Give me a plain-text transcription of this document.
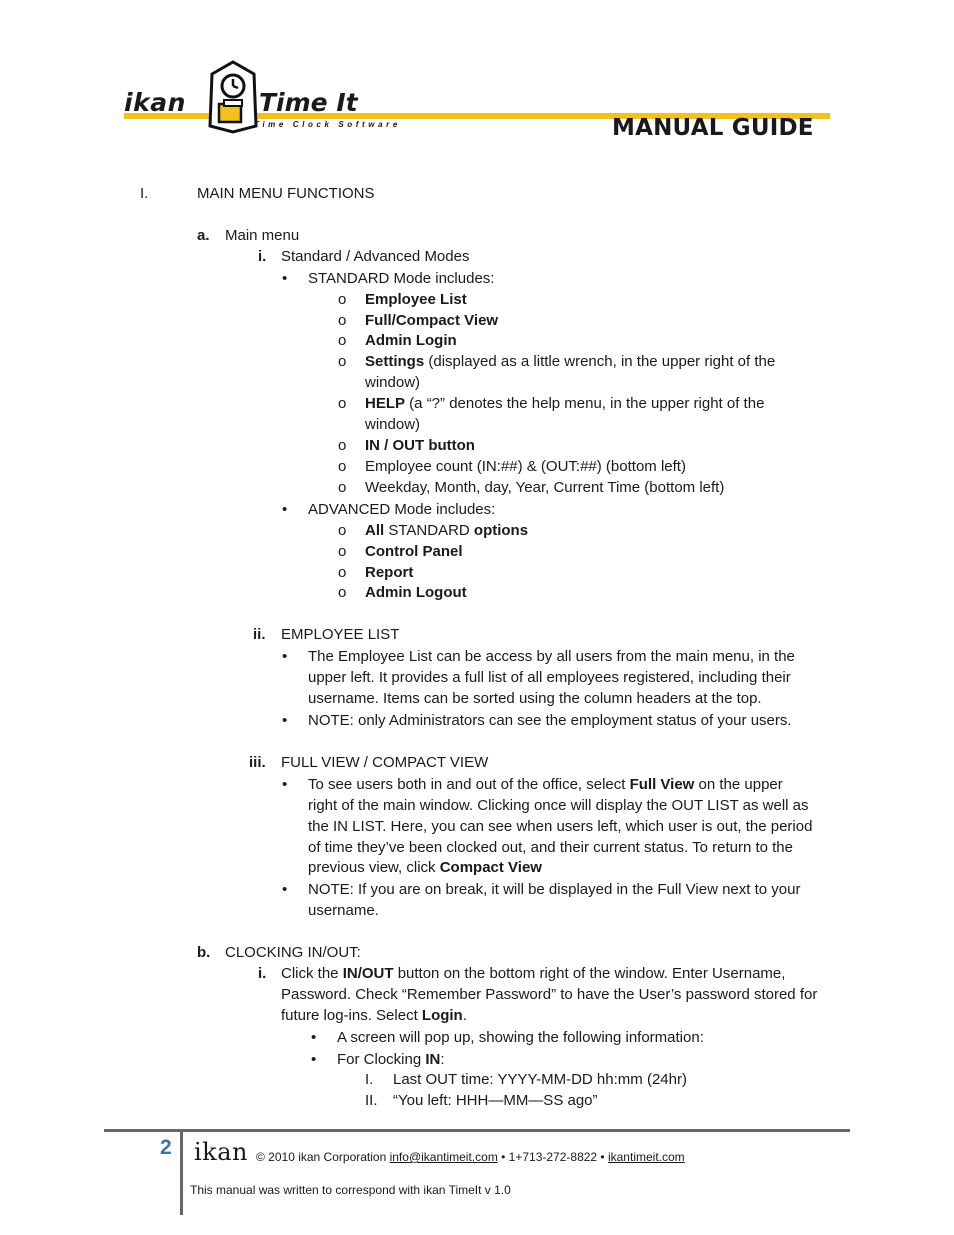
ikan	Time It
Time Clock Software	MANUAL GUIDE
I.	MAIN MENU FUNCTIONS
a. Main menu
i. Standard / Advanced Modes
STANDARD Mode includes:
•
Employee List
o
Full/Compact View
o
Admin Login
o
Settings (displayed as a little wrench, in the upper right of the
o
window)
HELP (a “?” denotes the help menu, in the upper right of the
o
window)
IN / OUT button
o
Employee count (IN:##) & (OUT:##) (bottom left)
o
Weekday, Month, day, Year, Current Time (bottom left)
o
ADVANCED Mode includes:
•
All STANDARD options
o
Control Panel
o
Report
o
Admin Logout
o
ii. EMPLOYEE LIST
The Employee List can be access by all users from the main menu, in the
•
upper left. It provides a full list of all employees registered, including their
username. Items can be sorted using the column headers at the top.
NOTE: only Administrators can see the employment status of your users.
•
iii. FULL VIEW / COMPACT VIEW
To see users both in and out of the office, select Full View on the upper
•
right of the main window. Clicking once will display the OUT LIST as well as
the IN LIST. Here, you can see when users left, which user is out, the period
of time they’ve been clocked out, and their current status. To return to the
previous view, click Compact View
NOTE: If you are on break, it will be displayed in the Full View next to your
•
username.
b. CLOCKING IN/OUT:
i. Click the IN/OUT button on the bottom right of the window. Enter Username,
Password. Check “Remember Password” to have the User’s password stored for
future log-ins. Select Login.
A screen will pop up, showing the following information:
•
For Clocking IN:
•
I. Last OUT time: YYYY-MM-DD hh:mm (24hr)
II. “You left: HHH—MM—SS ago”
2 ikan © 2010 ikan Corporation info@ikantimeit.com • 1+713-272-8822 • ikantimeit.com
This manual was written to correspond with ikan TimeIt v 1.0
